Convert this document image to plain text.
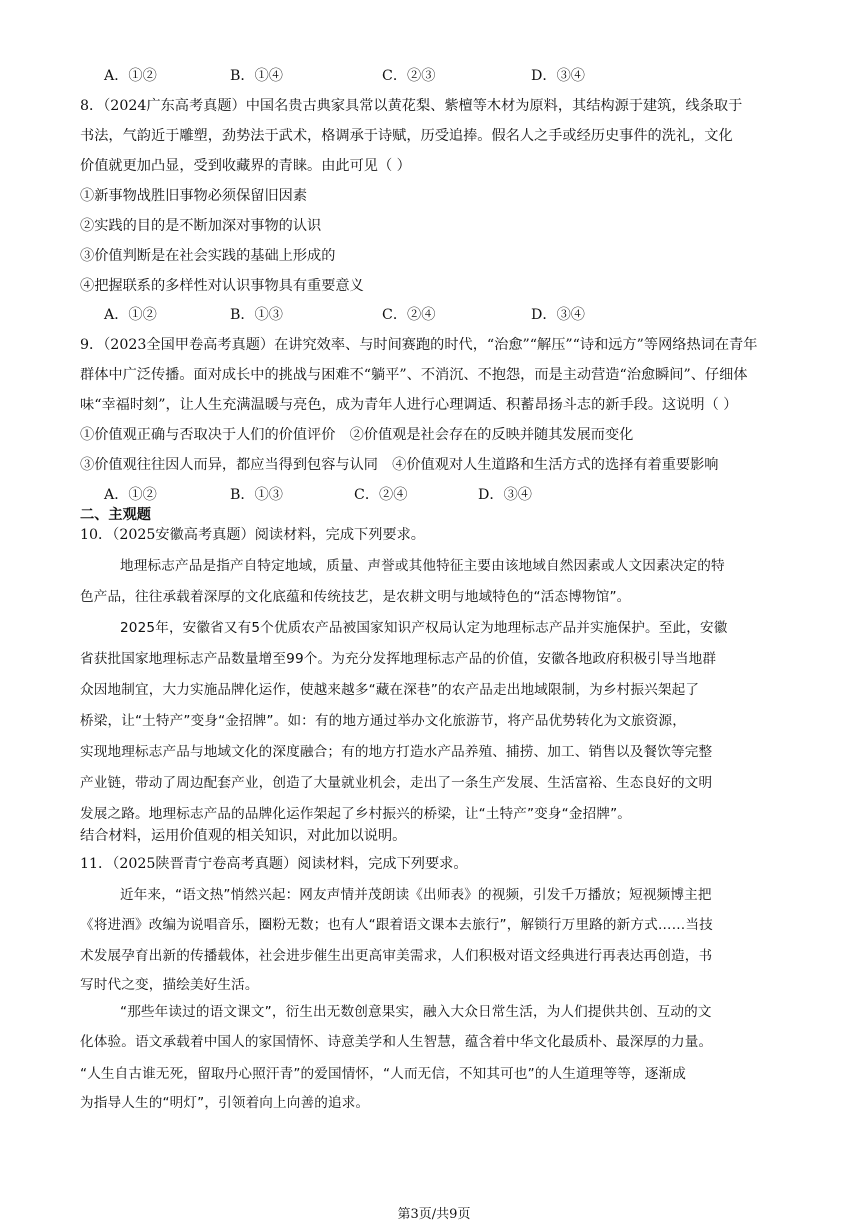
A．①②	B．①④	C．②③	D．③④
8．（2024广东高考真题）中国名贵古典家具常以黄花梨、紫檀等木材为原料，其结构源于建筑，线条取于
书法，气韵近于雕塑，劲势法于武术，格调承于诗赋，历受追捧。假名人之手或经历史事件的洗礼，文化
价值就更加凸显，受到收藏界的青睐。由此可见（ ）
①新事物战胜旧事物必须保留旧因素
②实践的目的是不断加深对事物的认识
③价值判断是在社会实践的基础上形成的
④把握联系的多样性对认识事物具有重要意义
A．①②	B．①③	C．②④	D．③④
9．（2023全国甲卷高考真题）在讲究效率、与时间赛跑的时代，“治愈”“解压”“诗和远方”等网络热词在青年
群体中广泛传播。面对成长中的挑战与困难不“躺平”、不消沉、不抱怨，而是主动营造“治愈瞬间”、仔细体
味“幸福时刻”，让人生充满温暖与亮色，成为青年人进行心理调适、积蓄昂扬斗志的新手段。这说明（ ）
①价值观正确与否取决于人们的价值评价　②价值观是社会存在的反映并随其发展而变化
③价值观往往因人而异，都应当得到包容与认同　④价值观对人生道路和生活方式的选择有着重要影响
A．①②	B．①③	C．②④	D．③④
二、主观题
10．（2025安徽高考真题）阅读材料，完成下列要求。
地理标志产品是指产自特定地域，质量、声誉或其他特征主要由该地域自然因素或人文因素决定的特
色产品，往往承载着深厚的文化底蕴和传统技艺，是农耕文明与地域特色的“活态博物馆”。
2025年，安徽省又有5个优质农产品被国家知识产权局认定为地理标志产品并实施保护。至此，安徽
省获批国家地理标志产品数量增至99个。为充分发挥地理标志产品的价值，安徽各地政府积极引导当地群
众因地制宜，大力实施品牌化运作，使越来越多“藏在深巷”的农产品走出地域限制，为乡村振兴架起了
桥梁，让“土特产”变身“金招牌”。如：有的地方通过举办文化旅游节，将产品优势转化为文旅资源，
实现地理标志产品与地域文化的深度融合；有的地方打造水产品养殖、捕捞、加工、销售以及餐饮等完整
产业链，带动了周边配套产业，创造了大量就业机会，走出了一条生产发展、生活富裕、生态良好的文明
发展之路。地理标志产品的品牌化运作架起了乡村振兴的桥梁，让“土特产”变身“金招牌”。
结合材料，运用价值观的相关知识，对此加以说明。
11．（2025陕晋青宁卷高考真题）阅读材料，完成下列要求。
近年来，“语文热”悄然兴起：网友声情并茂朗读《出师表》的视频，引发千万播放；短视频博主把
《将进酒》改编为说唱音乐，圈粉无数；也有人“跟着语文课本去旅行”，解锁行万里路的新方式……当技
术发展孕育出新的传播载体，社会进步催生出更高审美需求，人们积极对语文经典进行再表达再创造，书
写时代之变，描绘美好生活。
“那些年读过的语文课文”，衍生出无数创意果实，融入大众日常生活，为人们提供共创、互动的文
化体验。语文承载着中国人的家国情怀、诗意美学和人生智慧，蕴含着中华文化最质朴、最深厚的力量。
“人生自古谁无死，留取丹心照汗青”的爱国情怀，“人而无信，不知其可也”的人生道理等等，逐渐成
为指导人生的“明灯”，引领着向上向善的追求。
第3页/共9页
